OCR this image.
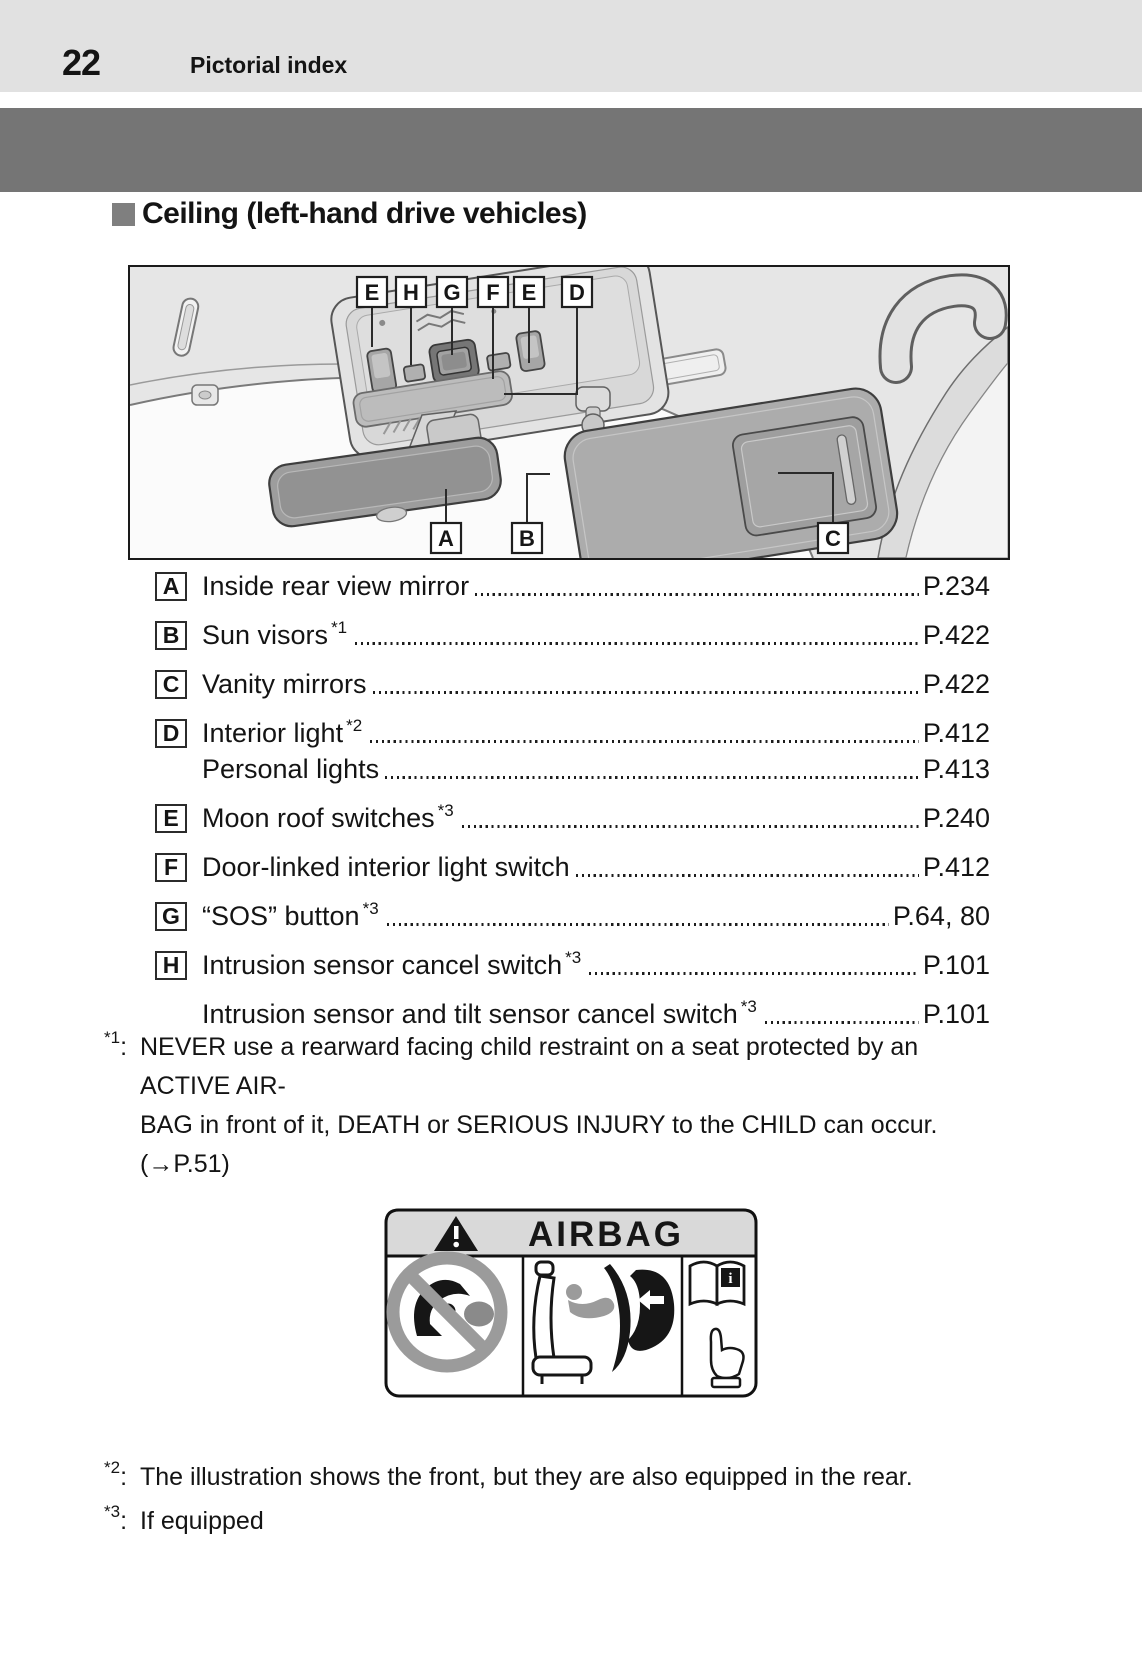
22	Pictorial index
Ceiling (left-hand drive vehicles)
E H G F E D
A	B	C
A Inside rear view mirror	P.234
B Sun visors $^{*1}$	P.422
C Vanity mirrors	P.422
D Interior light $^{*2}$	P.412
Personal lights	P.413
E Moon roof switches $^{*3}$	P.240
F Door-linked interior light switch	P.412
G “SOS” button $^{*3}$	P.64, 80
H Intrusion sensor cancel switch $^{*3}$	P.101
Intrusion sensor and tilt sensor cancel switch $^{*3}$	P.101
$^{*1}$: NEVER use a rearward facing child restraint on a seat protected by an ACTIVE AIR-
BAG in front of it, DEATH or SERIOUS INJURY to the CHILD can occur. (→P.51)
AIRBAG
i
$^{*2}$: The illustration shows the front, but they are also equipped in the rear.
$^{*3}$: If equipped
